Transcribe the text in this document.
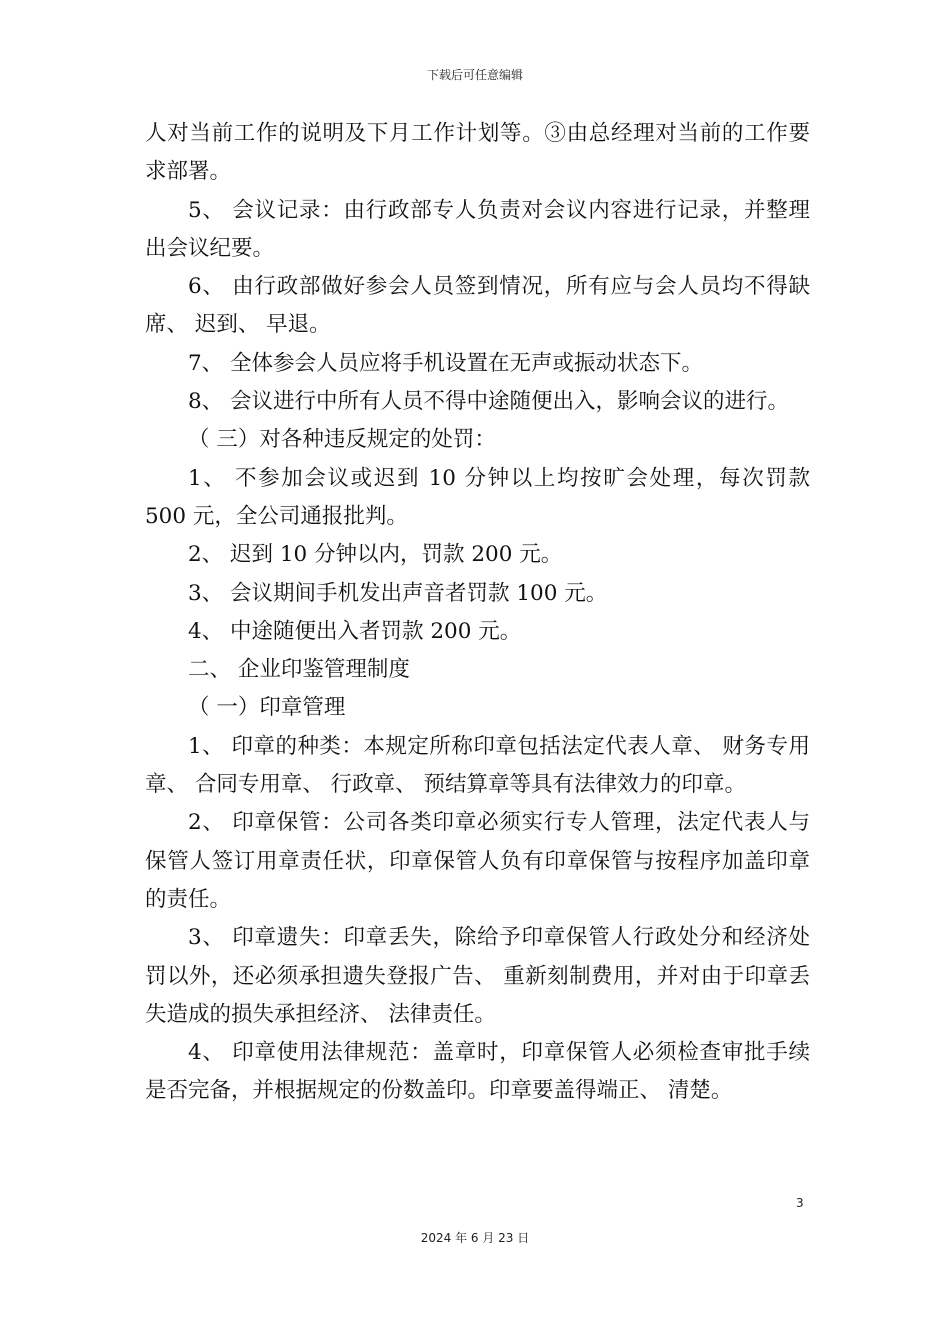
下载后可任意编辑

人对当前工作的说明及下月工作计划等。③由总经理对当前的工作要求部署。

5、 会议记录：由行政部专人负责对会议内容进行记录，并整理出会议纪要。

6、 由行政部做好参会人员签到情况，所有应与会人员均不得缺席、 迟到、 早退。

7、 全体参会人员应将手机设置在无声或振动状态下。

8、 会议进行中所有人员不得中途随便出入，影响会议的进行。

（ 三）对各种违反规定的处罚：

1、 不参加会议或迟到 10 分钟以上均按旷会处理，每次罚款 500 元，全公司通报批判。

2、 迟到 10 分钟以内，罚款 200 元。

3、 会议期间手机发出声音者罚款 100 元。

4、 中途随便出入者罚款 200 元。

二、 企业印鉴管理制度

（ 一）印章管理

1、 印章的种类：本规定所称印章包括法定代表人章、 财务专用章、 合同专用章、 行政章、 预结算章等具有法律效力的印章。

2、 印章保管：公司各类印章必须实行专人管理，法定代表人与保管人签订用章责任状，印章保管人负有印章保管与按程序加盖印章的责任。

3、 印章遗失：印章丢失，除给予印章保管人行政处分和经济处罚以外，还必须承担遗失登报广告、 重新刻制费用，并对由于印章丢失造成的损失承担经济、 法律责任。

4、 印章使用法律规范：盖章时，印章保管人必须检查审批手续是否完备，并根据规定的份数盖印。印章要盖得端正、 清楚。

3
2024 年 6 月 23 日
